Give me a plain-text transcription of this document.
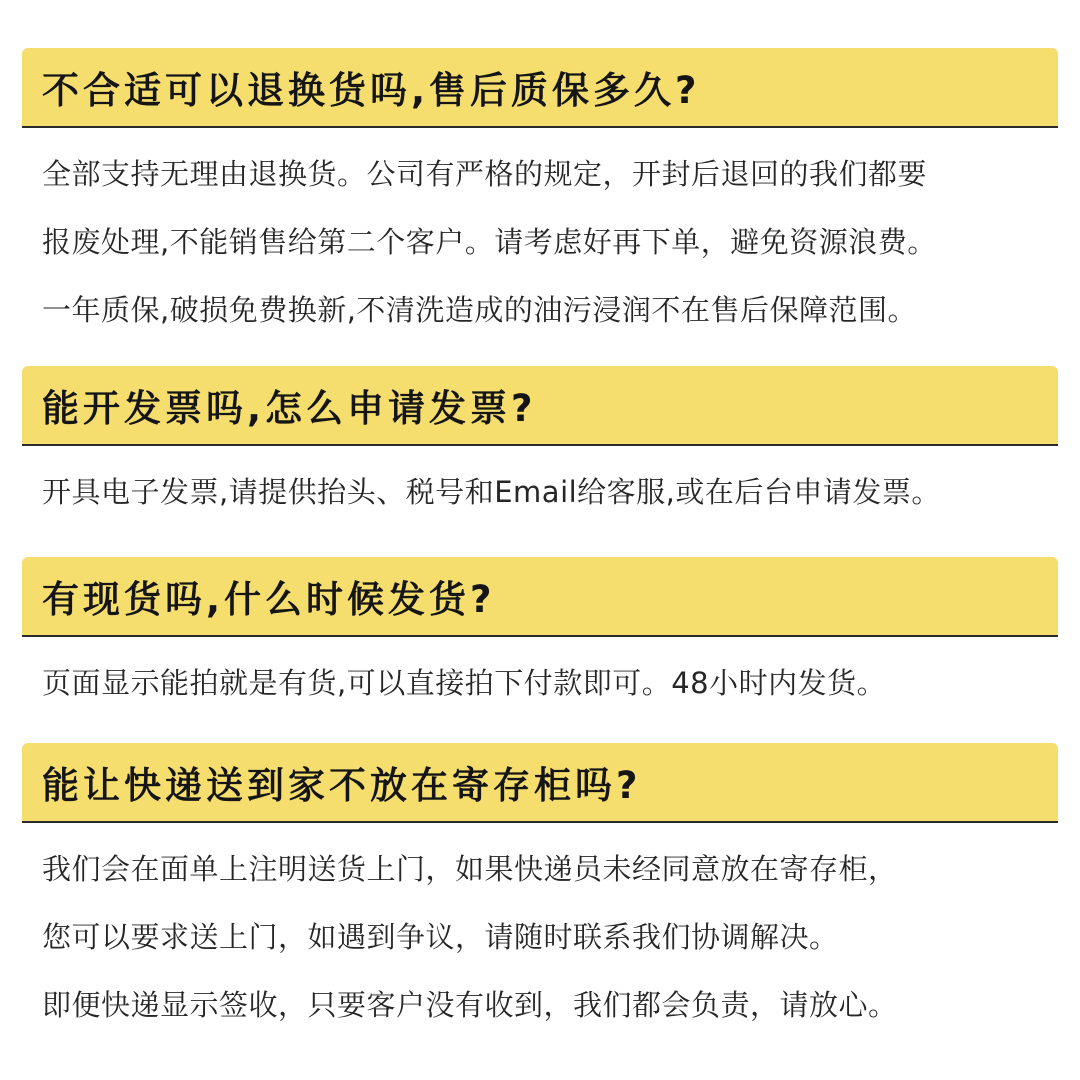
不合适可以退换货吗,售后质保多久?
全部支持无理由退换货。公司有严格的规定，开封后退回的我们都要
报废处理,不能销售给第二个客户。请考虑好再下单，避免资源浪费。
一年质保,破损免费换新,不清洗造成的油污浸润不在售后保障范围。
能开发票吗,怎么申请发票?
开具电子发票,请提供抬头、税号和Email给客服,或在后台申请发票。
有现货吗,什么时候发货?
页面显示能拍就是有货,可以直接拍下付款即可。48小时内发货。
能让快递送到家不放在寄存柜吗?
我们会在面单上注明送货上门，如果快递员未经同意放在寄存柜，
您可以要求送上门，如遇到争议，请随时联系我们协调解决。
即便快递显示签收，只要客户没有收到，我们都会负责，请放心。
